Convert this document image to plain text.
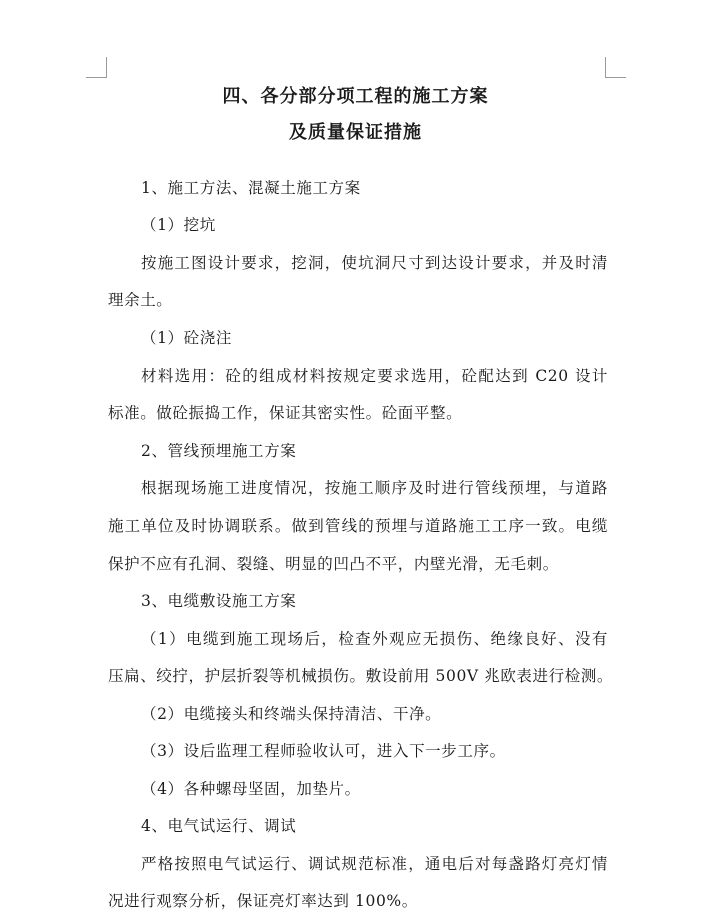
四、各分部分项工程的施工方案
及质量保证措施
1、施工方法、混凝土施工方案
（1）挖坑
按施工图设计要求，挖洞，使坑洞尺寸到达设计要求，并及时清
理余土。
（1）砼浇注
材料选用：砼的组成材料按规定要求选用，砼配达到 C20 设计
标准。做砼振捣工作，保证其密实性。砼面平整。
2、管线预埋施工方案
根据现场施工进度情况，按施工顺序及时进行管线预埋，与道路
施工单位及时协调联系。做到管线的预埋与道路施工工序一致。电缆
保护不应有孔洞、裂缝、明显的凹凸不平，内壁光滑，无毛刺。
3、电缆敷设施工方案
（1）电缆到施工现场后，检查外观应无损伤、绝缘良好、没有
压扁、绞拧，护层折裂等机械损伤。敷设前用 500V 兆欧表进行检测。
（2）电缆接头和终端头保持清洁、干净。
（3）设后监理工程师验收认可，进入下一步工序。
（4）各种螺母坚固，加垫片。
4、电气试运行、调试
严格按照电气试运行、调试规范标准，通电后对每盏路灯亮灯情
况进行观察分析，保证亮灯率达到 100%。
